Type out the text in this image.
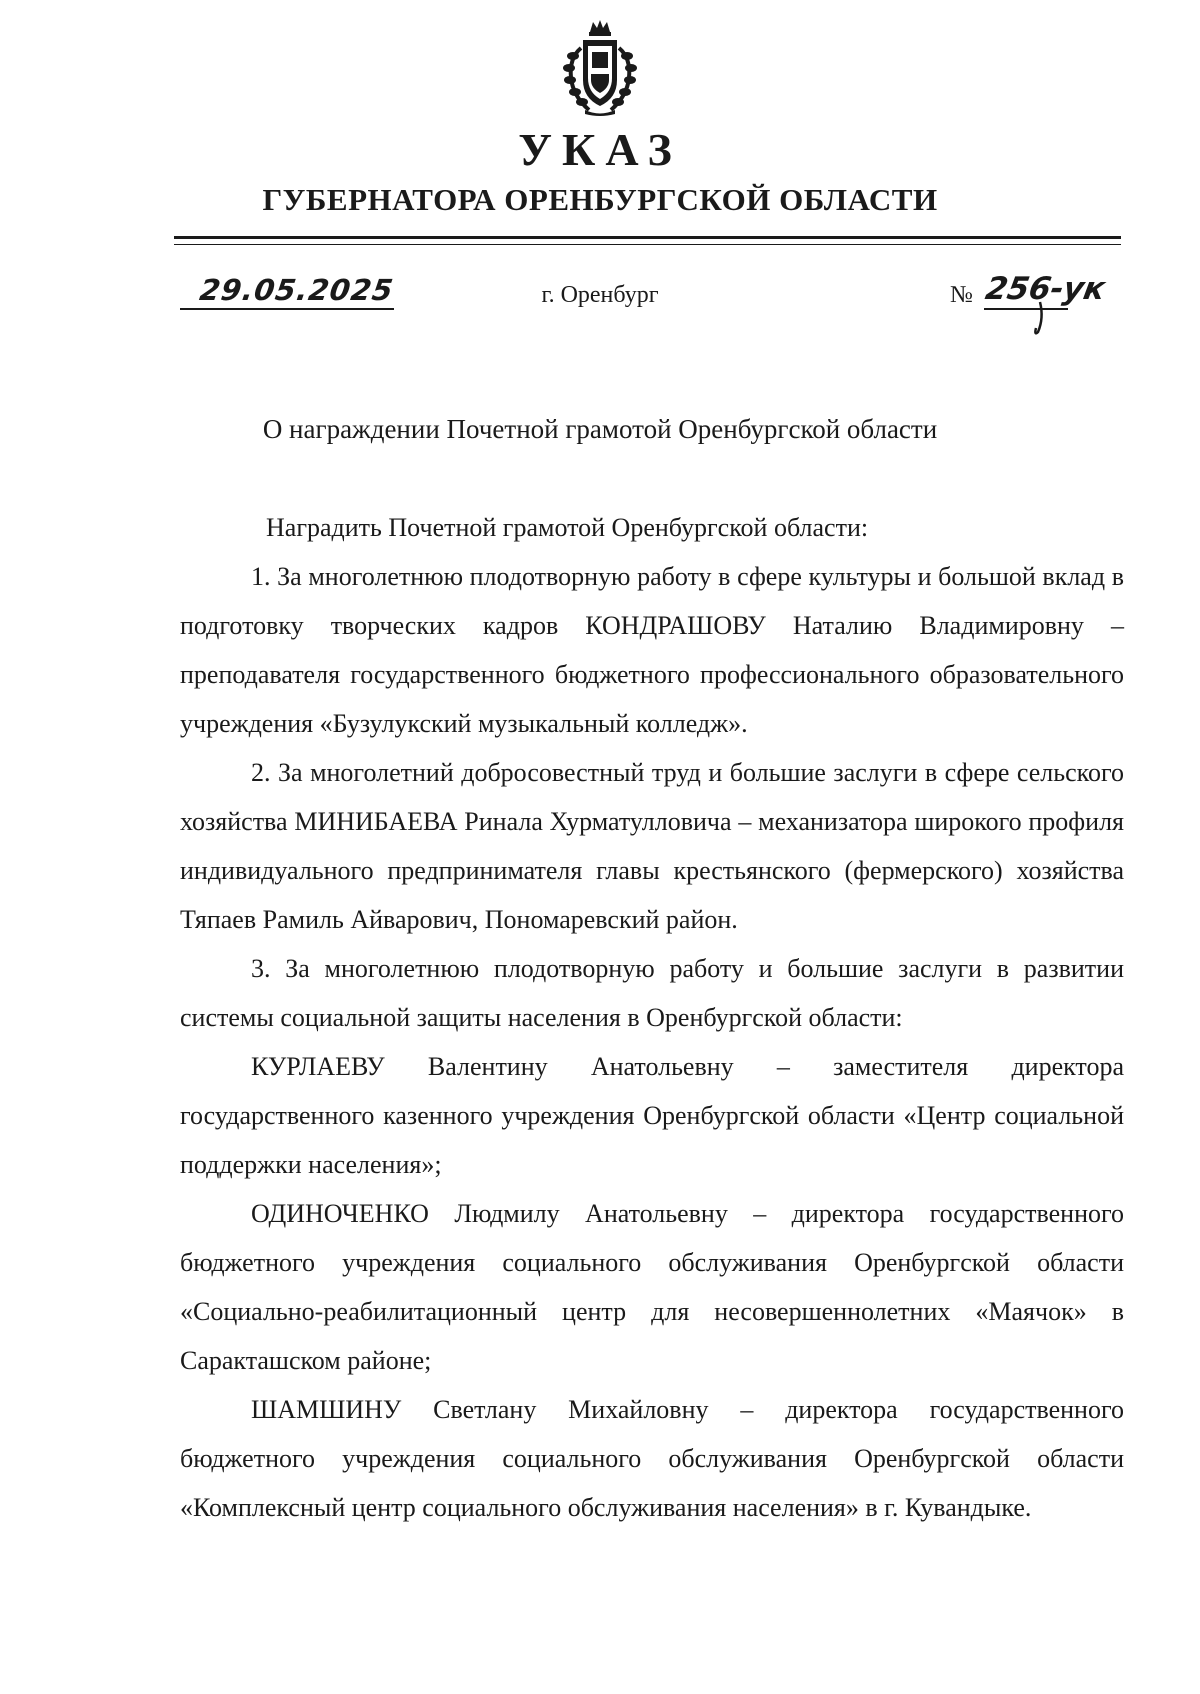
УКАЗ
ГУБЕРНАТОРА ОРЕНБУРГСКОЙ ОБЛАСТИ
29.05.2025	г. Оренбург	№ 256-ук
О награждении Почетной грамотой Оренбургской области

Наградить Почетной грамотой Оренбургской области:

1. За многолетнюю плодотворную работу в сфере культуры и большой вклад в подготовку творческих кадров КОНДРАШОВУ Наталию Владимировну – преподавателя государственного бюджетного профессионального образовательного учреждения «Бузулукский музыкальный колледж».

2. За многолетний добросовестный труд и большие заслуги в сфере сельского хозяйства МИНИБАЕВА Ринала Хурматулловича – механизатора широкого профиля индивидуального предпринимателя главы крестьянского (фермерского) хозяйства Тяпаев Рамиль Айварович, Пономаревский район.

3. За многолетнюю плодотворную работу и большие заслуги в развитии системы социальной защиты населения в Оренбургской области:

КУРЛАЕВУ Валентину Анатольевну – заместителя директора государственного казенного учреждения Оренбургской области «Центр социальной поддержки населения»;

ОДИНОЧЕНКО Людмилу Анатольевну – директора государственного бюджетного учреждения социального обслуживания Оренбургской области «Социально-реабилитационный центр для несовершеннолетних «Маячок» в Саракташском районе;

ШАМШИНУ Светлану Михайловну – директора государственного бюджетного учреждения социального обслуживания Оренбургской области «Комплексный центр социального обслуживания населения» в г. Кувандыке.
